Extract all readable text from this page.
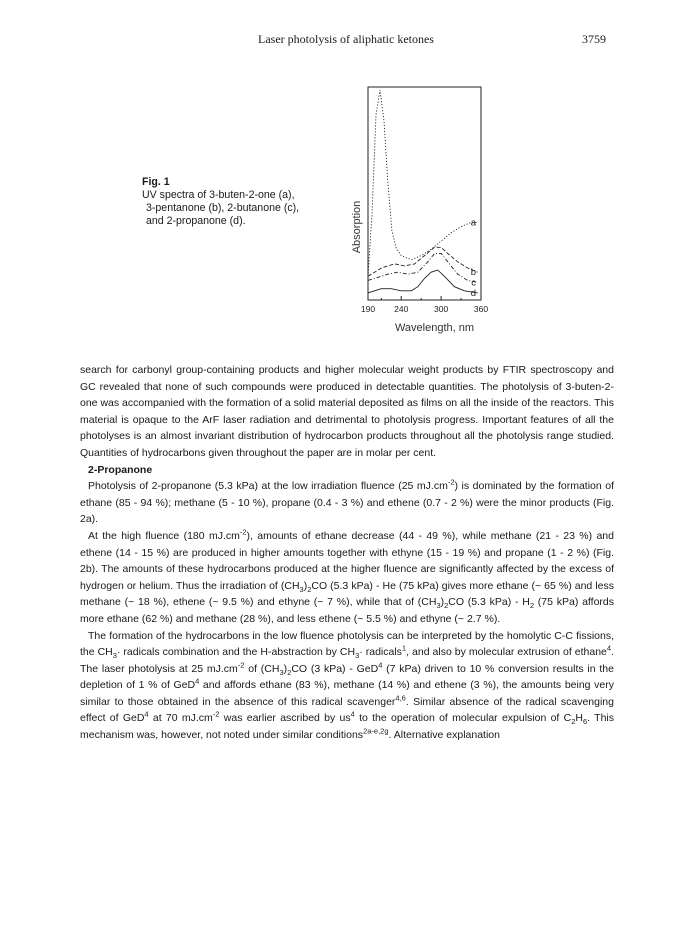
Laser photolysis of aliphatic ketones	3759
Fig. 1
UV spectra of 3-buten-2-one (a),
3-pentanone (b), 2-butanone (c),
and 2-propanone (d).
190 240	300	360
Wavelength, nm
Absorption	a
b
c
d

search for carbonyl group-containing products and higher molecular weight products by FTIR spectroscopy and GC revealed that none of such compounds were produced in detectable quantities. The photolysis of 3-buten-2-one was accompanied with the formation of a solid material deposited as films on all the inside of the reactors. This material is opaque to the ArF laser radiation and detrimental to photolysis progress. Important features of all the photolyses is an almost invariant distribution of hydrocarbon products throughout all the photolysis range studied. Quantities of hydrocarbons given throughout the paper are in molar per cent.

2-Propanone

Photolysis of 2-propanone (5.3 kPa) at the low irradiation fluence (25 $mJ.cm^{-2}$) is dominated by the formation of ethane (85 - 94 %); methane (5 - 10 %), propane (0.4 - 3 %) and ethene (0.7 - 2 %) were the minor products (Fig. 2a).

At the high fluence (180 $mJ.cm^{-2}$), amounts of ethane decrease (44 - 49 %), while methane (21 - 23 %) and ethene (14 - 15 %) are produced in higher amounts together with ethyne (15 - 19 %) and propane (1 - 2 %) (Fig. 2b). The amounts of these hydrocarbons produced at the higher fluence are significantly affected by the excess of hydrogen or helium. Thus the irradiation of $(CH_3)_2CO$ (5.3 kPa) - He (75 kPa) gives more ethane (~ 65 %) and less methane (~ 18 %), ethene (~ 9.5 %) and ethyne (~ 7 %), while that of $(CH_3)_2CO$ (5.3 $kPa) - H_2$ (75 kPa) affords more ethane (62 %) and methane (28 %), and less ethene (~ 5.5 %) and ethyne (~ 2.7 %).

The formation of the hydrocarbons in the low fluence photolysis can be interpreted by the homolytic C-C fissions, the $CH_3\cdot$ radicals combination and the H-abstraction by $CH_3\cdot$ radicals$^1$, and also by molecular extrusion of ethane$^4$. The laser photolysis at 25 $mJ.cm^{-2}$ of $(CH_3)_2CO$ (3 kPa) - GeD$^4$ (7 kPa) driven to 10 % conversion results in the depletion of 1 % of GeD$^4$ and affords ethane (83 %), methane (14 %) and ethene (3 %), the amounts being very similar to those obtained in the absence of this radical scavenger$^{4,6}$. Similar absence of the radical scavenging effect of GeD$^4$ at 70 $mJ.cm^{-2}$ was earlier ascribed by $us^4$ to the operation of molecular expulsion of $C_2H_6$. This mechanism was, however, not noted under similar conditions$^{2a-e,2g}$. Alternative explanation
